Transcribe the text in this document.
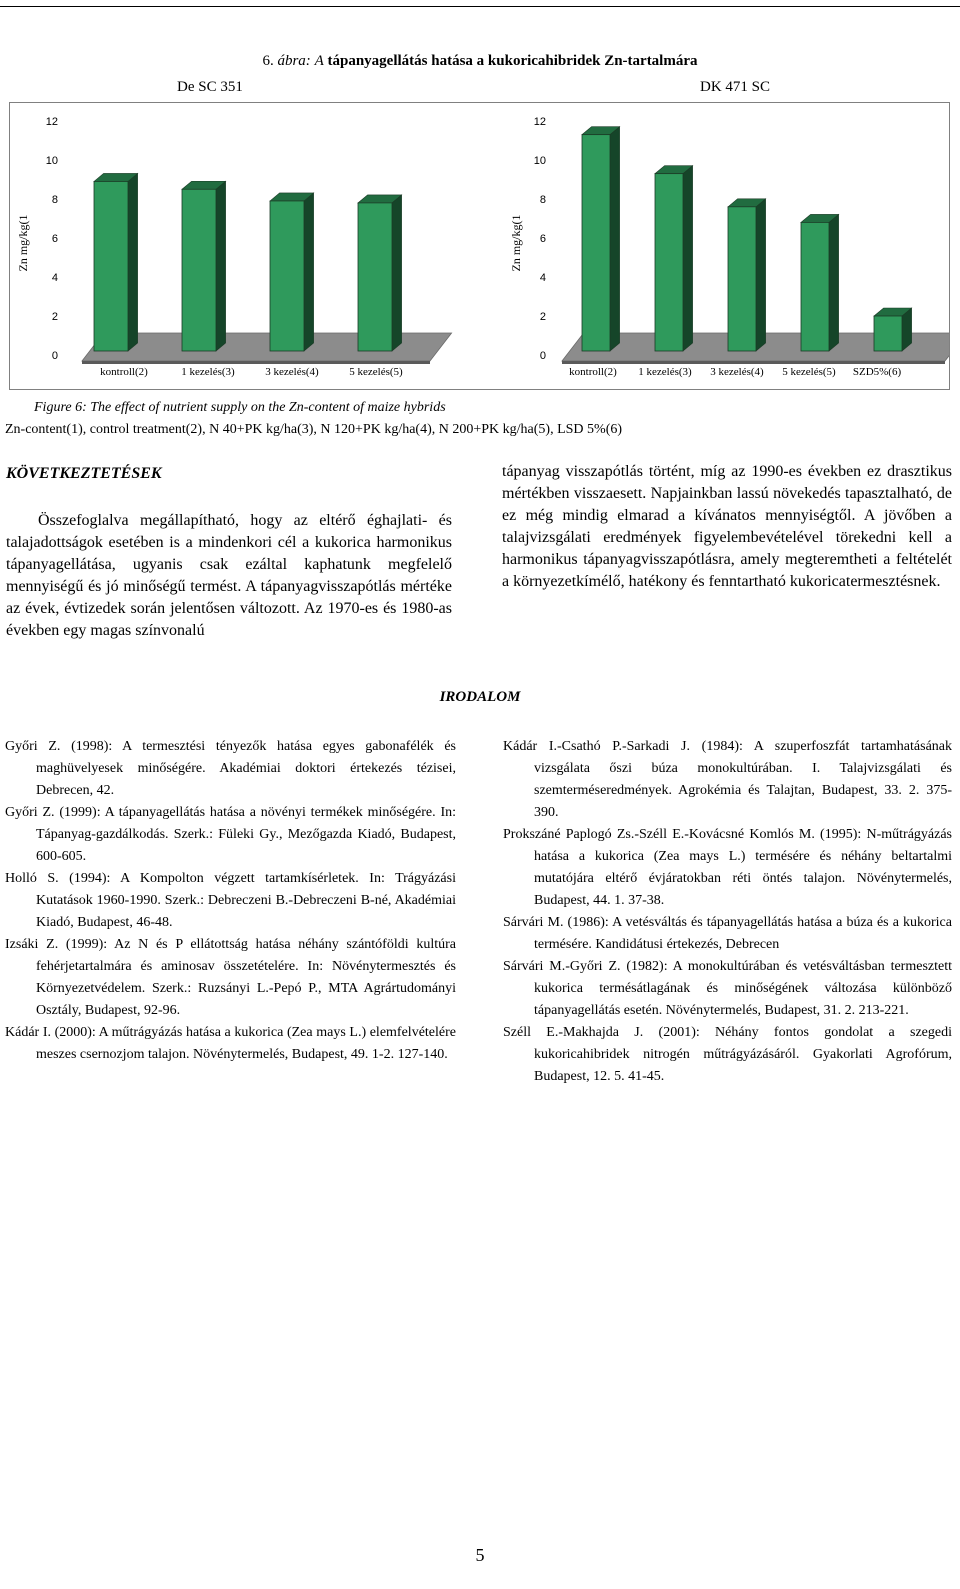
6. ábra: A tápanyagellátás hatása a kukoricahibridek Zn-tartalmára
De SC 351	DK 471 SC
0
2
4
6
8
10
12
Zn mg/kg(1
kontroll(2)	1 kezelés(3)	3 kezelés(4)	5 kezelés(5)
0
2
4
6
8
10
12
Zn mg/kg(1
kontroll(2) 1 kezelés(3) 3 kezelés(4) 5 kezelés(5) SZD5%(6)
Figure 6: The effect of nutrient supply on the Zn-content of maize hybrids
Zn-content(1), control treatment(2), N 40+PK kg/ha(3), N 120+PK kg/ha(4), N 200+PK kg/ha(5), LSD 5%(6)
KÖVETKEZTETÉSEK
Összefoglalva megállapítható, hogy az eltérő éghajlati- és talajadottságok esetében is a mindenkori cél a kukorica harmonikus tápanyagellátása, ugyanis csak ezáltal kaphatunk megfelelő mennyiségű és jó minőségű termést. A tápanyagvisszapótlás mértéke az évek, évtizedek során jelentősen változott. Az 1970-es és 1980-as években egy magas színvonalú
tápanyag visszapótlás történt, míg az 1990-es években ez drasztikus mértékben visszaesett. Napjainkban lassú növekedés tapasztalható, de ez még mindig elmarad a kívánatos mennyiségtől. A jövőben a talajvizsgálati eredmények figyelembevételével törekedni kell a harmonikus tápanyagvisszapótlásra, amely megteremtheti a feltételét a környezetkímélő, hatékony és fenntartható kukoricatermesztésnek.
IRODALOM
Győri Z. (1998): A termesztési tényezők hatása egyes gabonafélék és maghüvelyesek minőségére. Akadémiai doktori értekezés tézisei, Debrecen, 42.
Győri Z. (1999): A tápanyagellátás hatása a növényi termékek minőségére. In: Tápanyag-gazdálkodás. Szerk.: Füleki Gy., Mezőgazda Kiadó, Budapest, 600-605.
Holló S. (1994): A Kompolton végzett tartamkísérletek. In: Trágyázási Kutatások 1960-1990. Szerk.: Debreczeni B.-Debreczeni B-né, Akadémiai Kiadó, Budapest, 46-48.
Izsáki Z. (1999): Az N és P ellátottság hatása néhány szántóföldi kultúra fehérjetartalmára és aminosav összetételére. In: Növénytermesztés és Környezetvédelem. Szerk.: Ruzsányi L.-Pepó P., MTA Agrártudományi Osztály, Budapest, 92-96.
Kádár I. (2000): A műtrágyázás hatása a kukorica (Zea mays L.) elemfelvételére meszes csernozjom talajon. Növénytermelés, Budapest, 49. 1-2. 127-140.
Kádár I.-Csathó P.-Sarkadi J. (1984): A szuperfoszfát tartamhatásának vizsgálata őszi búza monokultúrában. I. Talajvizsgálati és szemterméseredmények. Agrokémia és Talajtan, Budapest, 33. 2. 375-390.
Prokszáné Paplogó Zs.-Széll E.-Kovácsné Komlós M. (1995): N-műtrágyázás hatása a kukorica (Zea mays L.) termésére és néhány beltartalmi mutatójára eltérő évjáratokban réti öntés talajon. Növénytermelés, Budapest, 44. 1. 37-38.
Sárvári M. (1986): A vetésváltás és tápanyagellátás hatása a búza és a kukorica termésére. Kandidátusi értekezés, Debrecen
Sárvári M.-Győri Z. (1982): A monokultúrában és vetésváltásban termesztett kukorica termésátlagának és minőségének változása különböző tápanyagellátás esetén. Növénytermelés, Budapest, 31. 2. 213-221.
Széll E.-Makhajda J. (2001): Néhány fontos gondolat a szegedi kukoricahibridek nitrogén műtrágyázásáról. Gyakorlati Agrofórum, Budapest, 12. 5. 41-45.
5
